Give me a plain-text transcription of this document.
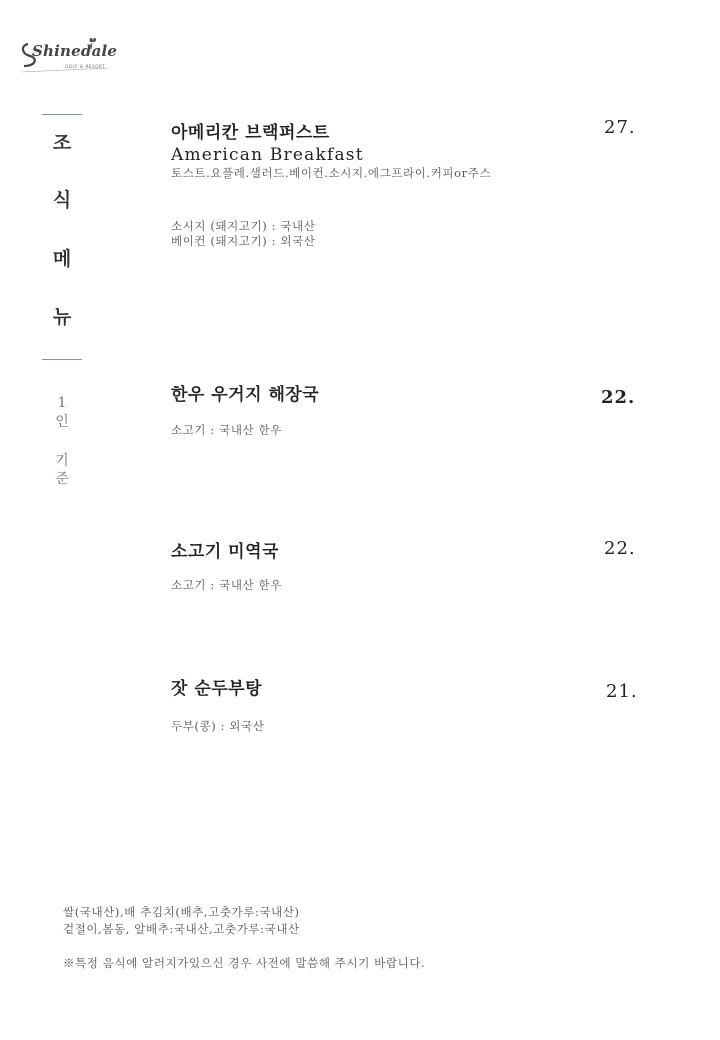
Shinedale
GOLF & RESORT
조
식
메
뉴
1
인
기
준
아메리칸 브랙퍼스트
American Breakfast
토스트.요플레.샐러드.베이컨.소시지.에그프라이.커피or주스
소시지 (돼지고기) : 국내산
베이컨 (돼지고기) : 외국산
27.
한우 우거지 해장국
소고기 : 국내산 한우
22.
소고기 미역국
소고기 : 국내산 한우
22.
잣 순두부탕
두부(콩) : 외국산
21.
쌀(국내산),배 추김치(배추,고춧가루:국내산)
겉절이,봄동, 알배추:국내산,고춧가루:국내산
※특정 음식에 알러지가있으신 경우 사전에 말씀해 주시기 바랍니다.
